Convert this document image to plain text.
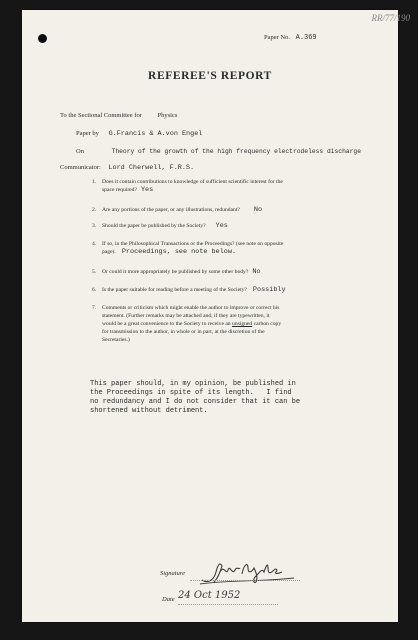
RR/77/190
Paper No. A.369
REFEREE'S REPORT
To the Sectional Committee for Physics
Paper by G.Francis & A.von Engel
On	Theory of the growth of the high frequency electrodeless discharge
Communicator: Lord Cherwell, F.R.S.
1. Does it contain contributions to knowledge of sufficient scientific interest for the
space required? Yes
2. Are any portions of the paper, or any illustrations, redundant? No
3. Should the paper be published by the Society? Yes
4. If so, in the Philosophical Transactions or the Proceedings? (see note on opposite
page). Proceedings, see note below.
5. Or could it more appropriately be published by some other body? No
6. Is the paper suitable for reading before a meeting of the Society? Possibly
7. Comments or criticism which might enable the author to improve or correct his
statement. (Further remarks may be attached and, if they are typewritten, it
would be a great convenience to the Society to receive an unsigned carbon copy
for transmission to the author, in whole or in part, at the discretion of the
Secretaries.)
This paper should, in my opinion, be published in
the Proceedings in spite of its length.   I find
no redundancy and I do not consider that it can be
shortened without detriment.
Signature
Date 24 Oct 1952
